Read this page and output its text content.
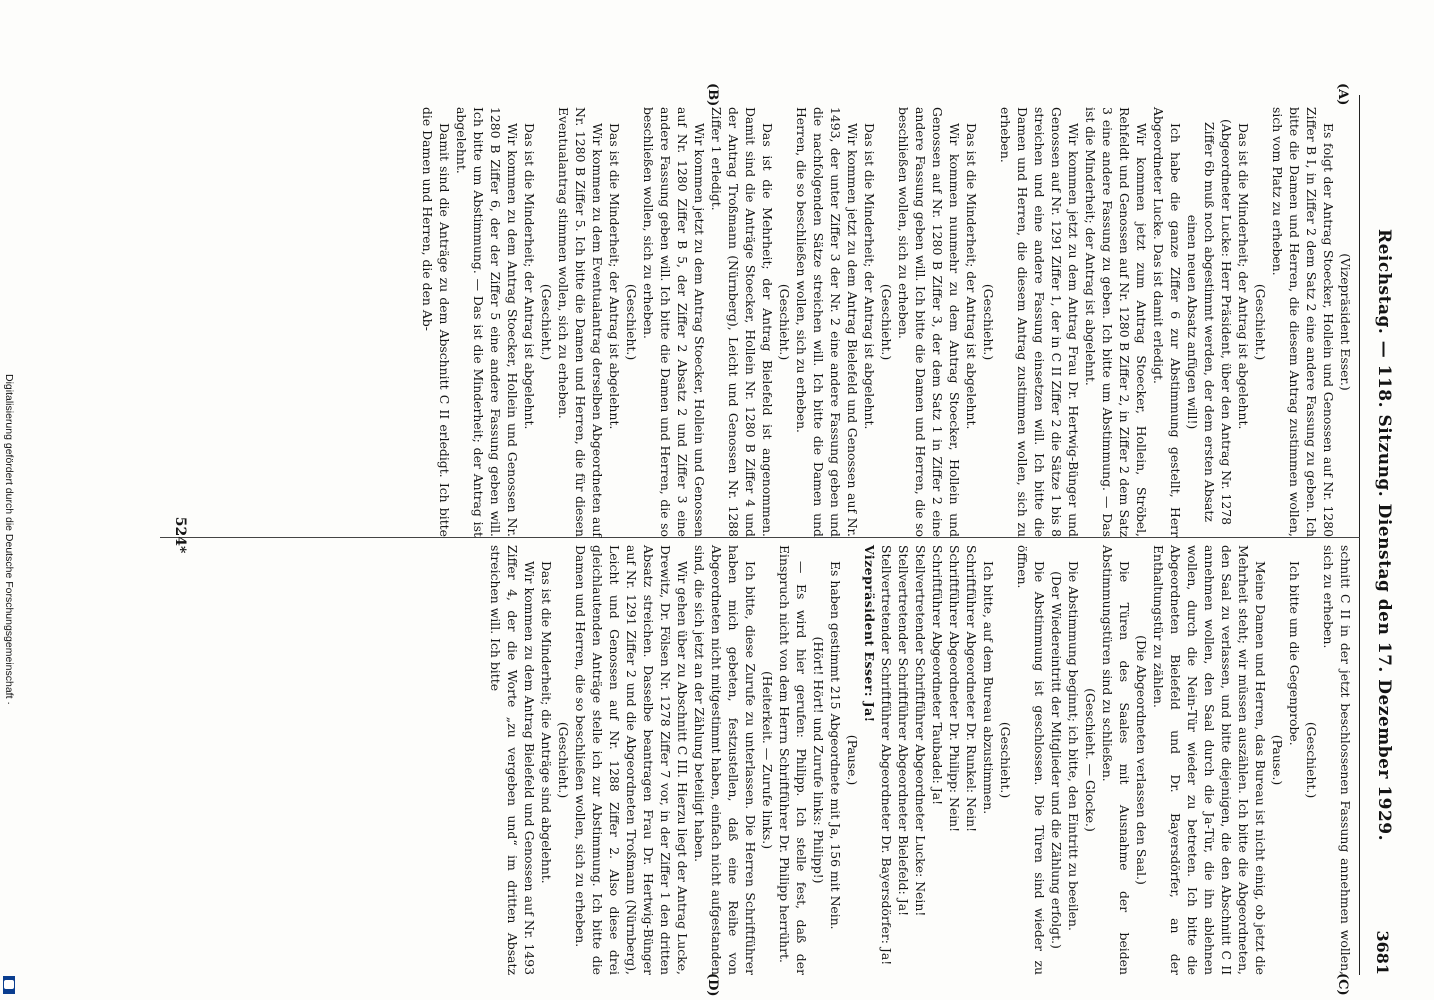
Reichstag. — 118. Sitzung. Dienstag den 17. Dezember 1929.
3681
(A)
(B)
(C)
(D)

(Vizepräsident Esser.)

Es folgt der Antrag Stoecker, Hollein und Genossen auf Nr. 1280 Ziffer B I, in Ziffer 2 dem Satz 2 eine andere Fassung zu geben. Ich bitte die Damen und Herren, die diesem Antrag zustimmen wollen, sich vom Platz zu erheben.

(Geschieht.)

Das ist die Minderheit; der Antrag ist abgelehnt.

(Abgeordneter Lucke: Herr Präsident, über den Antrag Nr. 1278 Ziffer 6b muß noch abgestimmt werden, der dem ersten Absatz einen neuen Absatz anfügen will!)

Ich habe die ganze Ziffer 6 zur Abstimmung gestellt, Herr Abgeordneter Lucke. Das ist damit erledigt.

Wir kommen jetzt zum Antrag Stoecker, Hollein, Ströbel, Rehfeldt und Genossen auf Nr. 1280 B Ziffer 2, in Ziffer 2 dem Satz 3 eine andere Fassung zu geben. Ich bitte um Abstimmung. — Das ist die Minderheit; der Antrag ist abgelehnt.

Wir kommen jetzt zu dem Antrag Frau Dr. Hertwig-Bünger und Genossen auf Nr. 1291 Ziffer 1, der in C II Ziffer 2 die Sätze 1 bis 8 streichen und eine andere Fassung einsetzen will. Ich bitte die Damen und Herren, die diesem Antrag zustimmen wollen, sich zu erheben.

(Geschieht.)

Das ist die Minderheit; der Antrag ist abgelehnt.

Wir kommen nunmehr zu dem Antrag Stoecker, Hollein und Genossen auf Nr. 1280 B Ziffer 3, der dem Satz 1 in Ziffer 2 eine andere Fassung geben will. Ich bitte die Damen und Herren, die so beschließen wollen, sich zu erheben.

(Geschieht.)

Das ist die Minderheit; der Antrag ist abgelehnt.

Wir kommen jetzt zu dem Antrag Bielefeld und Genossen auf Nr. 1493, der unter Ziffer 3 der Nr. 2 eine andere Fassung geben und die nachfolgenden Sätze streichen will. Ich bitte die Damen und Herren, die so beschließen wollen, sich zu erheben.

(Geschieht.)

Das ist die Mehrheit; der Antrag Bielefeld ist angenommen. Damit sind die Anträge Stoecker, Hollein Nr. 1280 B Ziffer 4 und der Antrag Troßmann (Nürnberg), Leicht und Genossen Nr. 1288 Ziffer 1 erledigt.

Wir kommen jetzt zu dem Antrag Stoecker, Hollein und Genossen auf Nr. 1280 Ziffer B 5, der Ziffer 2 Absatz 2 und Ziffer 3 eine andere Fassung geben will. Ich bitte die Damen und Herren, die so beschließen wollen, sich zu erheben.

(Geschieht.)

Das ist die Minderheit; der Antrag ist abgelehnt.

Wir kommen zu dem Eventualantrag derselben Abgeordneten auf Nr. 1280 B Ziffer 5. Ich bitte die Damen und Herren, die für diesen Eventualantrag stimmen wollen, sich zu erheben.

(Geschieht.)

Das ist die Minderheit; der Antrag ist abgelehnt.

Wir kommen zu dem Antrag Stoecker, Hollein und Genossen Nr. 1280 B Ziffer 6, der der Ziffer 5 eine andere Fassung geben will. Ich bitte um Abstimmung. — Das ist die Minderheit; der Antrag ist abgelehnt.

Damit sind die Anträge zu dem Abschnitt C II erledigt. Ich bitte die Damen und Herren, die den Ab-

schnitt C II in der jetzt beschlossenen Fassung annehmen wollen, sich zu erheben.

(Geschieht.)

Ich bitte um die Gegenprobe.

(Pause.)

Meine Damen und Herren, das Bureau ist nicht einig, ob jetzt die Mehrheit steht; wir müssen auszählen. Ich bitte die Abgeordneten, den Saal zu verlassen, und bitte diejenigen, die den Abschnitt C II annehmen wollen, den Saal durch die Ja-Tür, die ihn ablehnen wollen, durch die Nein-Tür wieder zu betreten. Ich bitte die Abgeordneten Bielefeld und Dr. Bayersdörfer, an der Enthaltungstür zu zählen.

(Die Abgeordneten verlassen den Saal.)

Die Türen des Saales mit Ausnahme der beiden Abstimmungstüren sind zu schließen.

(Geschieht. — Glocke.)

Die Abstimmung beginnt; ich bitte, den Eintritt zu beeilen.

(Der Wiedereintritt der Mitglieder und die Zählung erfolgt.)

Die Abstimmung ist geschlossen. Die Türen sind wieder zu öffnen.

(Geschieht.)

Ich bitte, auf dem Bureau abzustimmen.

Schriftführer Abgeordneter Dr. Runkel: Nein!

Schriftführer Abgeordneter Dr. Philipp: Nein!

Schriftführer Abgeordneter Taubadel: Ja!

Stellvertretender Schriftführer Abgeordneter Lucke: Nein!

Stellvertretender Schriftführer Abgeordneter Bielefeld: Ja!

Stellvertretender Schriftführer Abgeordneter Dr. Bayersdörfer: Ja!

Vizepräsident Esser: Ja!

(Pause.)

Es haben gestimmt 215 Abgeordnete mit Ja, 156 mit Nein.

(Hört! Hört! und Zurufe links: Philipp!)

— Es wird hier gerufen: Philipp. Ich stelle fest, daß der Einspruch nicht von dem Herrn Schriftführer Dr. Philipp herrührt.

(Heiterkeit. — Zurufe links.)

Ich bitte, diese Zurufe zu unterlassen. Die Herren Schriftführer haben mich gebeten, festzustellen, daß eine Reihe von Abgeordneten nicht mitgestimmt haben, einfach nicht aufgestanden sind, die sich jetzt an der Zählung beteiligt haben.

Wir gehen über zu Abschnitt C III. Hierzu liegt der Antrag Lucke, Drewitz, Dr. Fölsen Nr. 1278 Ziffer 7 vor, in der Ziffer 1 den dritten Absatz streichen. Dasselbe beantragen Frau Dr. Hertwig-Bünger auf Nr. 1291 Ziffer 2 und die Abgeordneten Troßmann (Nürnberg), Leicht und Genossen auf Nr. 1288 Ziffer 2. Also diese drei gleichlautenden Anträge stelle ich zur Abstimmung. Ich bitte die Damen und Herren, die so beschließen wollen, sich zu erheben.

(Geschieht.)

Das ist die Minderheit; die Anträge sind abgelehnt.

Wir kommen zu dem Antrag Bielefeld und Genossen auf Nr. 1493 Ziffer 4, der die Worte „zu vergeben und“ im dritten Absatz streichen will. Ich bitte

524*
Digitalisierung gefördert durch die Deutsche Forschungsgemeinschaft ·
